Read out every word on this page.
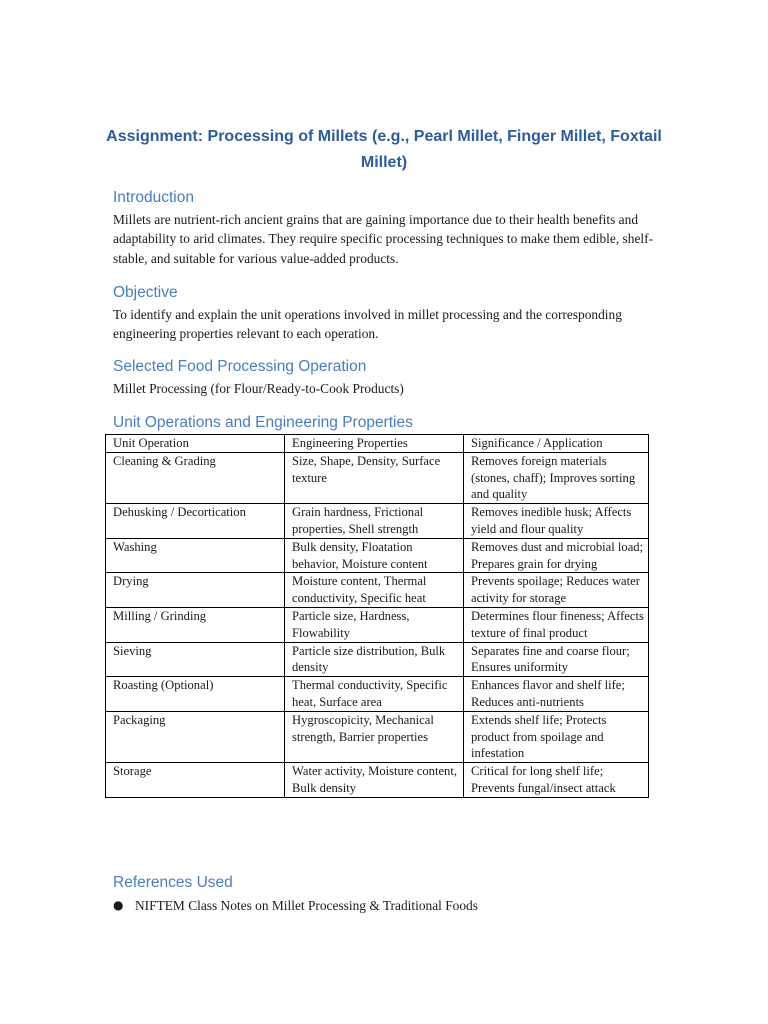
Assignment: Processing of Millets (e.g., Pearl Millet, Finger Millet, Foxtail Millet)
Introduction

Millets are nutrient-rich ancient grains that are gaining importance due to their health benefits and adaptability to arid climates. They require specific processing techniques to make them edible, shelf-stable, and suitable for various value-added products.

Objective

To identify and explain the unit operations involved in millet processing and the corresponding engineering properties relevant to each operation.

Selected Food Processing Operation

Millet Processing (for Flour/Ready-to-Cook Products)

Unit Operations and Engineering Properties
Unit Operation	Engineering Properties	Significance / Application
Cleaning & Grading	Size, Shape, Density, Surface texture	Removes foreign materials (stones, chaff); Improves sorting and quality
Dehusking / Decortication	Grain hardness, Frictional properties, Shell strength	Removes inedible husk; Affects yield and flour quality
Washing	Bulk density, Floatation behavior, Moisture content	Removes dust and microbial load; Prepares grain for drying
Drying	Moisture content, Thermal conductivity, Specific heat	Prevents spoilage; Reduces water activity for storage
Milling / Grinding	Particle size, Hardness, Flowability	Determines flour fineness; Affects texture of final product
Sieving	Particle size distribution, Bulk density	Separates fine and coarse flour; Ensures uniformity
Roasting (Optional)	Thermal conductivity, Specific heat, Surface area	Enhances flavor and shelf life; Reduces anti-nutrients
Packaging	Hygroscopicity, Mechanical strength, Barrier properties	Extends shelf life; Protects product from spoilage and infestation
Storage	Water activity, Moisture content, Bulk density	Critical for long shelf life; Prevents fungal/insect attack
References Used
● NIFTEM Class Notes on Millet Processing & Traditional Foods
